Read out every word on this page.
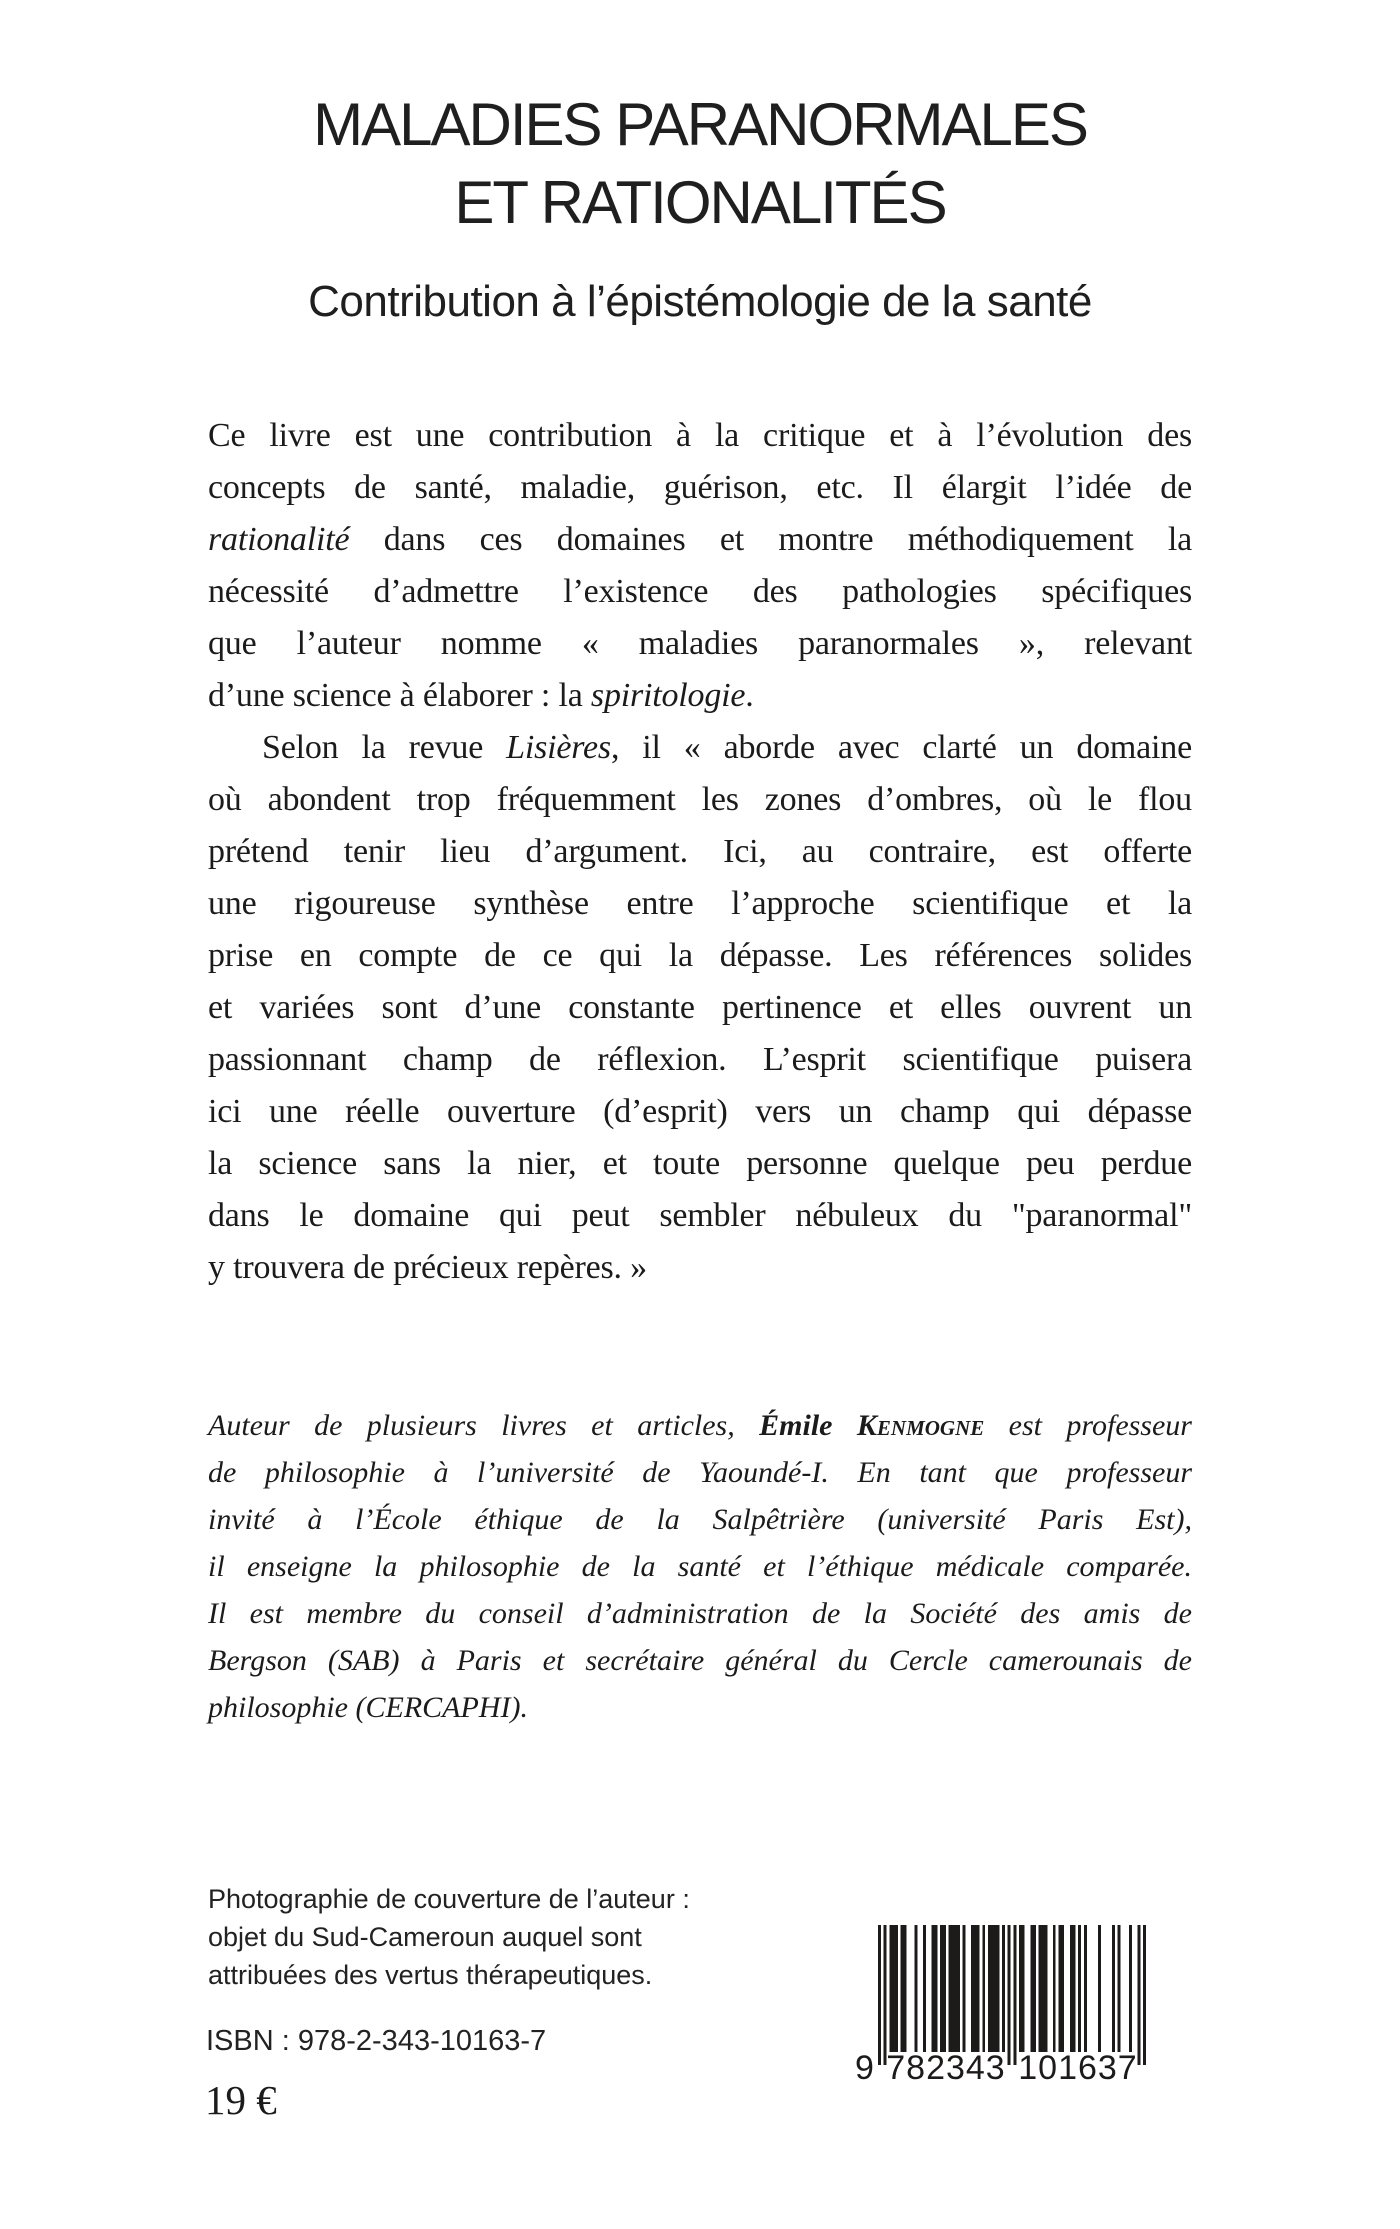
MALADIES PARANORMALES
ET RATIONALITÉS
Contribution à l’épistémologie de la santé
Ce livre est une contribution à la critique et à l’évolution des
concepts de santé, maladie, guérison, etc. Il élargit l’idée de
rationalité dans ces domaines et montre méthodiquement la
nécessité d’admettre l’existence des pathologies spécifiques
que l’auteur nomme « maladies paranormales », relevant
d’une science à élaborer : la spiritologie.
Selon la revue Lisières, il « aborde avec clarté un domaine
où abondent trop fréquemment les zones d’ombres, où le flou
prétend tenir lieu d’argument. Ici, au contraire, est offerte
une rigoureuse synthèse entre l’approche scientifique et la
prise en compte de ce qui la dépasse. Les références solides
et variées sont d’une constante pertinence et elles ouvrent un
passionnant champ de réflexion. L’esprit scientifique puisera
ici une réelle ouverture (d’esprit) vers un champ qui dépasse
la science sans la nier, et toute personne quelque peu perdue
dans le domaine qui peut sembler nébuleux du "paranormal"
y trouvera de précieux repères. »
Auteur de plusieurs livres et articles, Émile Kenmogne est professeur
de philosophie à l’université de Yaoundé-I. En tant que professeur
invité à l’École éthique de la Salpêtrière (université Paris Est),
il enseigne la philosophie de la santé et l’éthique médicale comparée.
Il est membre du conseil d’administration de la Société des amis de
Bergson (SAB) à Paris et secrétaire général du Cercle camerounais de
philosophie (CERCAPHI).
Photographie de couverture de l’auteur :
objet du Sud-Cameroun auquel sont
attribuées des vertus thérapeutiques.
ISBN : 978-2-343-10163-7
19 €
9 782343 101637
